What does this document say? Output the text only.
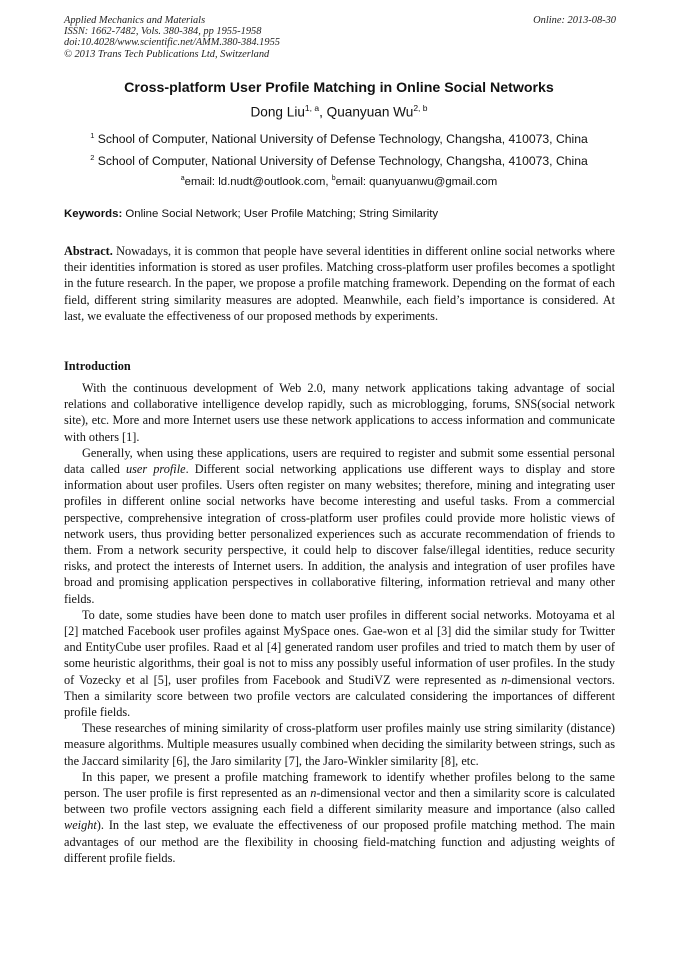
Online: 2013-08-30
Applied Mechanics and Materials
ISSN: 1662-7482, Vols. 380-384, pp 1955-1958
doi:10.4028/www.scientific.net/AMM.380-384.1955
© 2013 Trans Tech Publications Ltd, Switzerland
Cross-platform User Profile Matching in Online Social Networks
Dong Liu$^{1, a}$, Quanyuan Wu$^{2, b}$
$^1$ School of Computer, National University of Defense Technology, Changsha, 410073, China
$^2$ School of Computer, National University of Defense Technology, Changsha, 410073, China
$^a$email: ld.nudt@outlook.com, $^b$email: quanyuanwu@gmail.com
Keywords: Online Social Network; User Profile Matching; String Similarity

Abstract. Nowadays, it is common that people have several identities in different online social networks where their identities information is stored as user profiles. Matching cross-platform user profiles becomes a spotlight in the future research. In the paper, we propose a profile matching framework. Depending on the format of each field, different string similarity measures are adopted. Meanwhile, each field’s importance is considered. At last, we evaluate the effectiveness of our proposed methods by experiments.

Introduction

With the continuous development of Web 2.0, many network applications taking advantage of social relations and collaborative intelligence develop rapidly, such as microblogging, forums, SNS(social network site), etc. More and more Internet users use these network applications to access information and communicate with others [1].

Generally, when using these applications, users are required to register and submit some essential personal data called user profile. Different social networking applications use different ways to display and store information about user profiles. Users often register on many websites; therefore, mining and integrating user profiles in different online social networks have become interesting and useful tasks. From a commercial perspective, comprehensive integration of cross-platform user profiles could provide more holistic views of network users, thus providing better personalized experiences such as accurate recommendation of friends to them. From a network security perspective, it could help to discover false/illegal identities, reduce security risks, and protect the interests of Internet users. In addition, the analysis and integration of user profiles have broad and promising application perspectives in collaborative filtering, information retrieval and many other fields.

To date, some studies have been done to match user profiles in different social networks. Motoyama et al [2] matched Facebook user profiles against MySpace ones. Gae-won et al [3] did the similar study for Twitter and EntityCube user profiles. Raad et al [4] generated random user profiles and tried to match them by user of some heuristic algorithms, their goal is not to miss any possibly useful information of user profiles. In the study of Vozecky et al [5], user profiles from Facebook and StudiVZ were represented as n-dimensional vectors. Then a similarity score between two profile vectors are calculated considering the importances of different profile fields.

These researches of mining similarity of cross-platform user profiles mainly use string similarity (distance) measure algorithms. Multiple measures usually combined when deciding the similarity between strings, such as the Jaccard similarity [6], the Jaro similarity [7], the Jaro-Winkler similarity [8], etc.

In this paper, we present a profile matching framework to identify whether profiles belong to the same person. The user profile is first represented as an n-dimensional vector and then a similarity score is calculated between two profile vectors assigning each field a different similarity measure and importance (also called weight). In the last step, we evaluate the effectiveness of our proposed profile matching method. The main advantages of our method are the flexibility in choosing field-matching function and adjusting weights of different profile fields.
